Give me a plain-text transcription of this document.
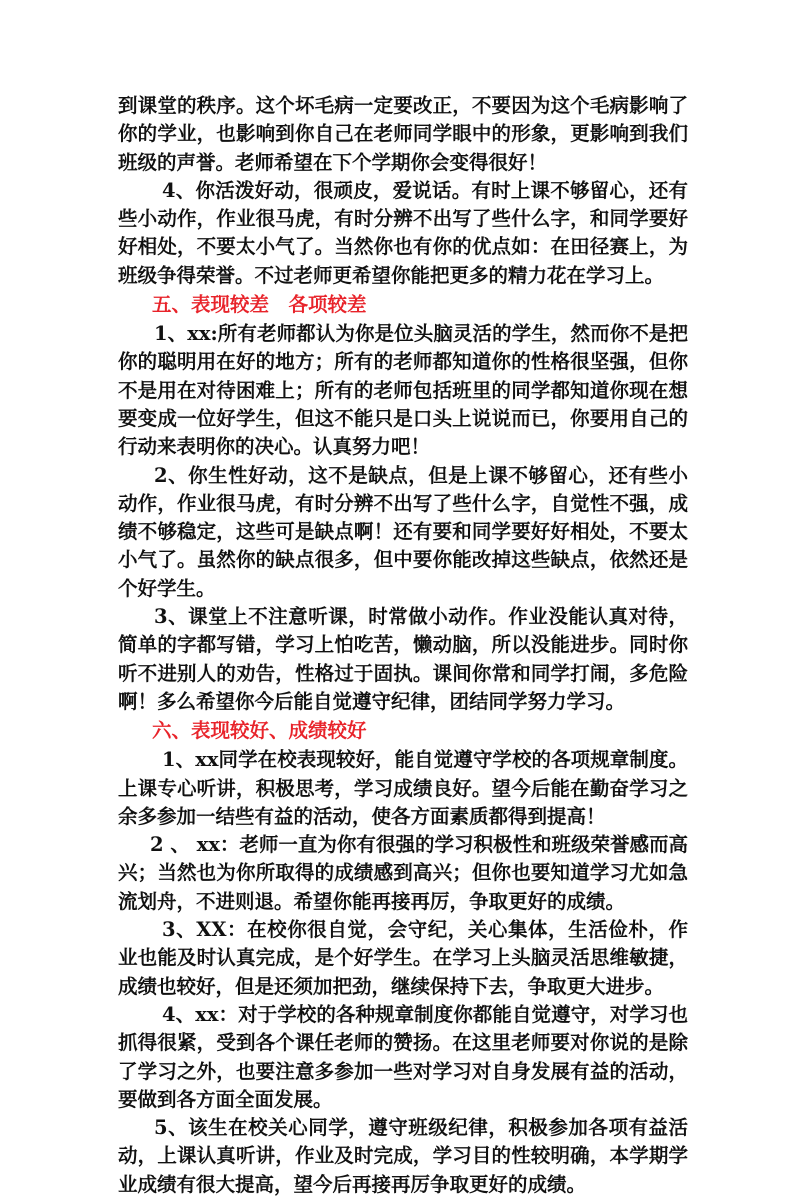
到课堂的秩序。这个坏毛病一定要改正，不要因为这个毛病影响了你的学业，也影响到你自己在老师同学眼中的形象，更影响到我们班级的声誉。老师希望在下个学期你会变得很好！

4、你活泼好动，很顽皮，爱说话。有时上课不够留心，还有些小动作，作业很马虎，有时分辨不出写了些什么字，和同学要好好相处，不要太小气了。当然你也有你的优点如：在田径赛上，为班级争得荣誉。不过老师更希望你能把更多的精力花在学习上。

五、表现较差　各项较差

1、xx:所有老师都认为你是位头脑灵活的学生，然而你不是把你的聪明用在好的地方；所有的老师都知道你的性格很坚强，但你不是用在对待困难上；所有的老师包括班里的同学都知道你现在想要变成一位好学生，但这不能只是口头上说说而已，你要用自己的行动来表明你的决心。认真努力吧！

2、你生性好动，这不是缺点，但是上课不够留心，还有些小动作，作业很马虎，有时分辨不出写了些什么字，自觉性不强，成绩不够稳定，这些可是缺点啊！还有要和同学要好好相处，不要太小气了。虽然你的缺点很多，但中要你能改掉这些缺点，依然还是个好学生。

3、课堂上不注意听课，时常做小动作。作业没能认真对待，简单的字都写错，学习上怕吃苦，懒动脑，所以没能进步。同时你听不进别人的劝告，性格过于固执。课间你常和同学打闹，多危险啊！多么希望你今后能自觉遵守纪律，团结同学努力学习。

六、表现较好、成绩较好

1、xx同学在校表现较好，能自觉遵守学校的各项规章制度。上课专心听讲，积极思考，学习成绩良好。望今后能在勤奋学习之余多参加一结些有益的活动，使各方面素质都得到提高！

2 、 xx：老师一直为你有很强的学习积极性和班级荣誉感而高兴；当然也为你所取得的成绩感到高兴；但你也要知道学习尤如急流划舟，不进则退。希望你能再接再厉，争取更好的成绩。

3、XX：在校你很自觉，会守纪，关心集体，生活俭朴，作业也能及时认真完成，是个好学生。在学习上头脑灵活思维敏捷，成绩也较好，但是还须加把劲，继续保持下去，争取更大进步。

4、xx：对于学校的各种规章制度你都能自觉遵守，对学习也抓得很紧，受到各个课任老师的赞扬。在这里老师要对你说的是除了学习之外，也要注意多参加一些对学习对自身发展有益的活动，要做到各方面全面发展。

5、该生在校关心同学，遵守班级纪律，积极参加各项有益活动，上课认真听讲，作业及时完成，学习目的性较明确，本学期学业成绩有很大提高，望今后再接再厉争取更好的成绩。
